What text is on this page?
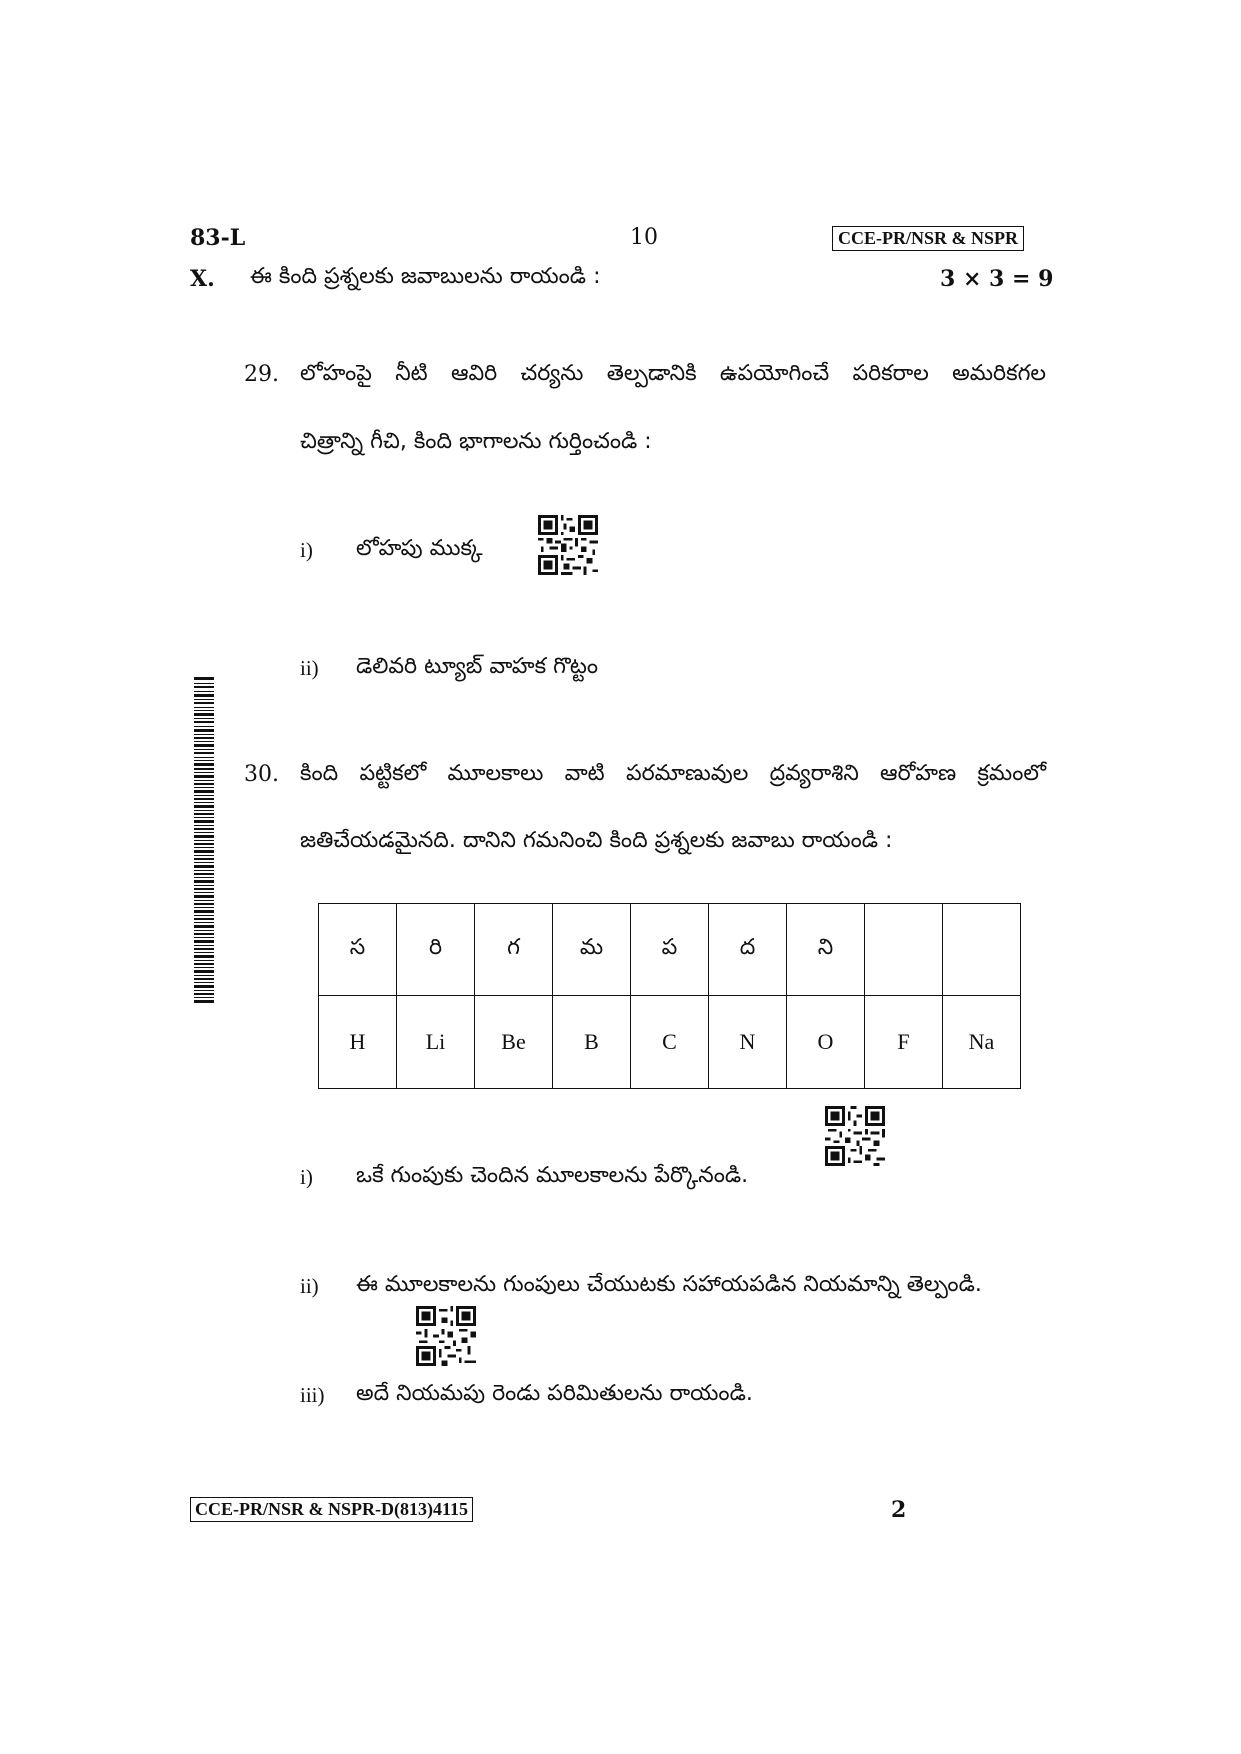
83-L	10	CCE-PR/NSR & NSPR
X. ఈ కింది ప్రశ్నలకు జవాబులను రాయండి :	3 × 3 = 9
29. లోహంపై నీటి ఆవిరి చర్యను తెల్పడానికి ఉపయోగించే పరికరాల అమరికగల
చిత్రాన్ని గీచి, కింది భాగాలను గుర్తించండి :
i) లోహపు ముక్క
ii) డెలివరి ట్యూబ్ వాహక గొట్టం
30. కింది పట్టికలో మూలకాలు వాటి పరమాణువుల ద్రవ్యరాశిని ఆరోహణ క్రమంలో
జతిచేయడమైనది. దానిని గమనించి కింది ప్రశ్నలకు జవాబు రాయండి :
స	రి	గ	మ	ప	ద	ని		
H	Li	Be	B	C	N	O	F	Na
i) ఒకే గుంపుకు చెందిన మూలకాలను పేర్కొనండి.
ii) ఈ మూలకాలను గుంపులు చేయుటకు సహాయపడిన నియమాన్ని తెల్పండి.
iii) అదే నియమపు రెండు పరిమితులను రాయండి.
CCE-PR/NSR & NSPR-D(813)4115	2
